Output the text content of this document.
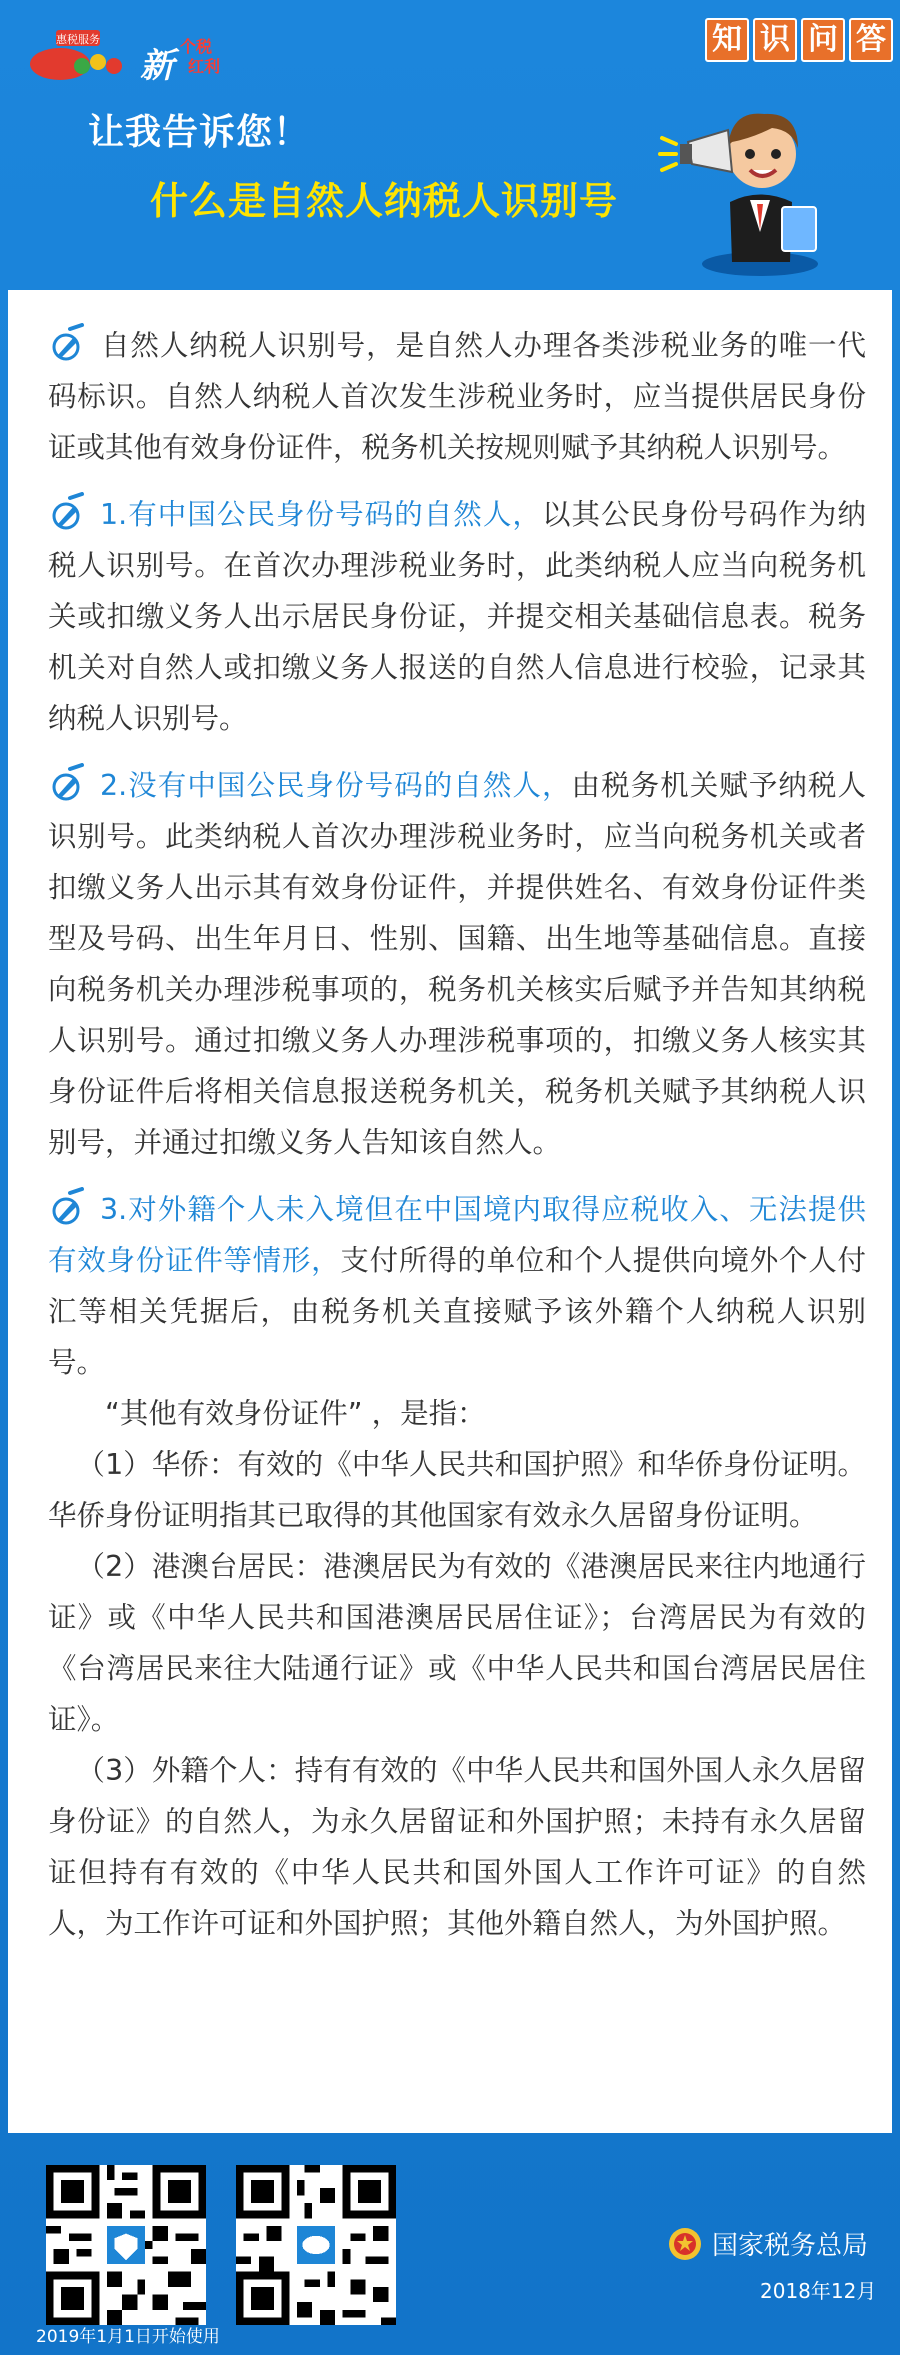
惠税服务
新 个税
红利
知 识 问 答
让我告诉您！
什么是自然人纳税人识别号

自然人纳税人识别号，是自然人办理各类涉税业务的唯一代码标识。自然人纳税人首次发生涉税业务时，应当提供居民身份证或其他有效身份证件，税务机关按规则赋予其纳税人识别号。

1.有中国公民身份号码的自然人，以其公民身份号码作为纳税人识别号。在首次办理涉税业务时，此类纳税人应当向税务机关或扣缴义务人出示居民身份证，并提交相关基础信息表。税务机关对自然人或扣缴义务人报送的自然人信息进行校验，记录其纳税人识别号。

2.没有中国公民身份号码的自然人，由税务机关赋予纳税人识别号。此类纳税人首次办理涉税业务时，应当向税务机关或者扣缴义务人出示其有效身份证件，并提供姓名、有效身份证件类型及号码、出生年月日、性别、国籍、出生地等基础信息。直接向税务机关办理涉税事项的，税务机关核实后赋予并告知其纳税人识别号。通过扣缴义务人办理涉税事项的，扣缴义务人核实其身份证件后将相关信息报送税务机关，税务机关赋予其纳税人识别号，并通过扣缴义务人告知该自然人。

3.对外籍个人未入境但在中国境内取得应税收入、无法提供有效身份证件等情形，支付所得的单位和个人提供向境外个人付汇等相关凭据后，由税务机关直接赋予该外籍个人纳税人识别号。

“其他有效身份证件” ，是指：

（1）华侨：有效的《中华人民共和国护照》和华侨身份证明。华侨身份证明指其已取得的其他国家有效永久居留身份证明。

（2）港澳台居民：港澳居民为有效的《港澳居民来往内地通行证》或《中华人民共和国港澳居民居住证》；台湾居民为有效的《台湾居民来往大陆通行证》或《中华人民共和国台湾居民居住证》。

（3）外籍个人：持有有效的《中华人民共和国外国人永久居留身份证》的自然人，为永久居留证和外国护照；未持有永久居留证但持有有效的《中华人民共和国外国人工作许可证》的自然人，为工作许可证和外国护照；其他外籍自然人，为外国护照。

2019年1月1日开始使用
国家税务总局
2018年12月
